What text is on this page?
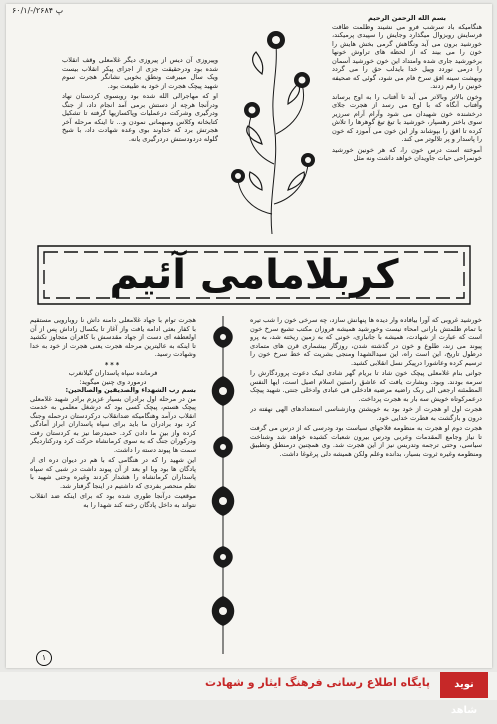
۶۰/۱/-/۲۶۸۴ پ
بسم الله الرحمن الرحيم

هنگامیکه باد سرشب فرو می نشیند وظلمت طاقت فرسایش روبزوال میگذارد وجایش را سپیدی پرمیکند، خورشید برون می آید ونگاهش گرمی بخش هایش را خون را می بیند که از لحظه های تراوش خونها برخورشید جاری شده وامتداد این خون خورشید آسمان را درمی نوردد وپیل خدا بایدلب حق را می گردد وبهشت سینه افق سرخ فام می شود، گوئی که صحیفه خونین را رقم زدند.

وخون بالاتر وبالاتر می آید تا آفتاب را به اوج برساند وآفتاب آنگاه که با اوج می رسد از هجرت جلای درخشنده خون شهیدان می شود وآرام آرام سرزیر سوی باختر رهسپار، خورشید با تیغ تیغ گوهرها را تلاش کرده تا افق را بپوشاند واز این خون می آموزد که خون را پاسدار و پر تلالوتر می کند.

آموخته است درس خون را، که هر خونین خورشید خونمراحی حیات جاویدان خواهد داشت ونه مثل

وپیروزی آن دیس از پیروزی دیگر غلامعلی وقف انقلاب شده بود ودرحقیقت جزی از اجزای پیکر انقلاب بیست ویک سال میبرفت ونطق بخوبی نشانگر هجرت سوم شهید پیچک هجرت از خود به طبیعت بود.

او که مهاجرالی الله شده بود روبسوی کردستان نهاد ودرآنجا هرچه از دستش برمی آمد انجام داد، از جنگ ودرگیری وشرکت درعملیات وپاکسازیها گرفته تا تشکیل کتابخانه وکلاس ومبهمانی نمودن و... تا اینکه مرحله آخر هجرتش برد که خداوند بوی وعده شهادت داد، با شیخ گلوله دردودستش دردرگیری یانه.

کربلامامی آئیم

خورشید غروبی که آورا بیافاده وار دیده ها پنهانش سازد، چه سرخی خون را شب تیره با تمام ظلمتش بارانی امحاء نیست وخورشید همیشه فروزان مکتب تشیع سرخ خون است که عبارت از شهادت، همیشه با جانبازی، خونی که به زمین ریخته شد، به پرو پیوند می زند، طلوع و خون در گذشته شدن، روزگار بیشماری قرن های متمادی درطول تاریخ، این است راه، این سیدالشهدا ومنجی بشریت که خط سرخ خون را ترسیم کرده وعاشورا درپیکر نسل انقلابی کشید.

جوانی بنام غلامعلی پیچک خون شاد تا بریام گهر شادی لبیک دعوت پروردگارش را سرمه بودند. وبود. وبشارت یافت که عاشق راستین اسلام اصیل است، ایها النفس المطمئنه ارجعی الی ربک راضیه مرضیه فادخلی فی عبادی وادخلی جنتی. شهید پیچک درعمرکوتاه خویش سه بار به هجرت پرداخت.

هجرت اول او هجرت از خود بود به خویشتن وبازشناسی استعدادهای الهی نهفته در درون و بازگشت به فطرت خدایی خود.

هجرت دوم او هجرت به منظومه فلاحهای سیاست بود ودرسی که از درس می گرفت تا نیاز وجامع المقدمات وعربی ودرس بیرون شعبات کشیده خواهد شد وشناخت سیاسی، وحتی ترجمه وتدریس نیز از این هجرت شد. وی همچنین درمنطق وتطبیق ومنظومه وغیره ثروت بسیار، بدانده وعلم ولکن همیشه دلی پرغوغا داشت.

هجرت توام با جهاد غلامعلی دامنه داش نا روبارویی مستقیم با کفار بعثی ادامه یافت واز آغاز تا یکسال زاداش پس از آن اولعطفه ای دست از جهاد مقدسش با کافران متجاوز نکشید تا اینکه به عالیترین مرحله هجرت یعنی هجرت از خود به خدا وشهادت رسید.

***
فرمانده سپاه پاسداران گیلانغرب
درمورد وی چنین میگوید:
بسم رب الشهداء والصدیقین والصالحین:

من در مرحله اول برادران بسیار عزیزم برادر شهید غلامعلی پیچک هستم، پیچک کسی بود که درشغل معلمی به خدمت انقلاب درآمد وهنگامیکه ضدانقلاب درکردستان درحمله وجنگ کرد بود برادران ما باید برای سپاه پاسداران ابراز آمادگی کرده واز بین ما دادن کرد. حمیدرضا نیز به کردستان رفت ودرکوران جنگ که به سوی کرمانشاه حرکت کرد ودرکناردیگر سمت ها پیوند دسته را داشت.

این شهید را که در هنگامی که با هم در دیوان دره ای از پادگان ها بود وبا او بعد از آن پیوند داشت در شبی که سپاه پاسداران کرمانشاه را هشدار کردند وغیره وحتی شهید با نظم منحصر بفردی که داشتیم در اینجا گرفتار شد.

موقعیت درآنجا طوری شده بود که برای اینکه ضد انقلاب نتواند به داخل پادگان رخنه کند شهدا را به

۱
پایگاه اطلاع رسانی فرهنگ ایثار و شهادت	نوید شاهد
